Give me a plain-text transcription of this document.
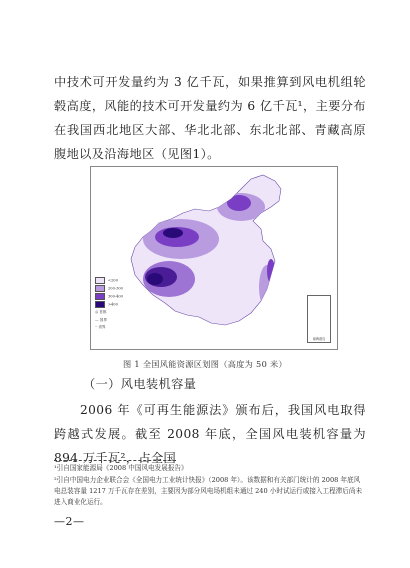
中技术可开发量约为 3 亿千瓦，如果推算到风电机组轮毂高度，风能的技术可开发量约为 6 亿千瓦¹，主要分布在我国西北地区大部、华北北部、东北北部、青藏高原腹地以及沿海地区（见图1）。

<200
200-300
300-400
>400
◎ 首都
— 国界
┄ 省界
南海诸岛
图 1 全国风能资源区划图（高度为 50 米）
（一）风电装机容量

2006 年《可再生能源法》颁布后，我国风电取得跨越式发展。截至 2008 年底，全国风电装机容量为 894 万千瓦²，占全国

¹引自国家能源局《2008 中国风电发展报告》

²引自中国电力企业联合会《全国电力工业统计快报》（2008 年）。该数据和有关部门统计的 2008 年底风电总装容量 1217 万千瓦存在差别，主要因为部分风电场机组未通过 240 小时试运行或接入工程滞后尚未进入商业化运行。

—2—
